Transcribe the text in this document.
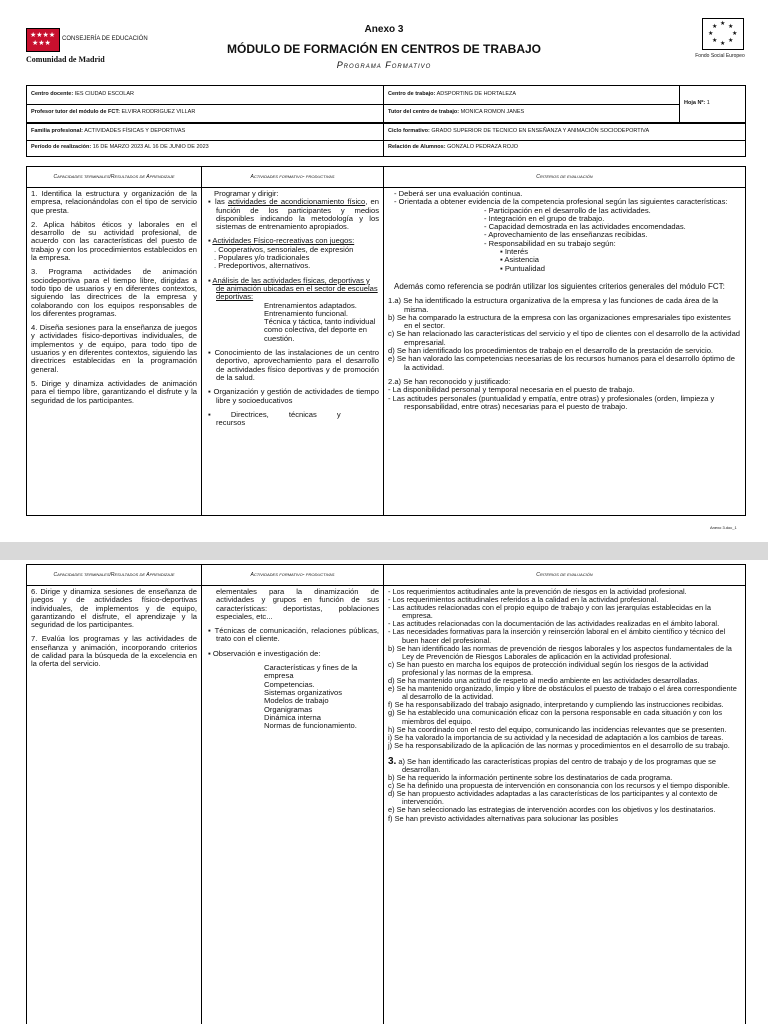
★★★★
★★★
CONSEJERÍA DE EDUCACIÓN
Comunidad de Madrid
Anexo 3
MÓDULO DE FORMACIÓN EN CENTROS DE TRABAJO
Programa Formativo
★ ★
★
★
★
★
★
★
Fondo Social Europeo
Centro docente: IES CIUDAD ESCOLAR
Profesor tutor del módulo de FCT: ELVIRA RODRIGUEZ VILLAR
Centro de trabajo: ADSPORTING DE HORTALEZA
Tutor del centro de trabajo: MONICA ROMON JANES
Hoja Nº: 1
Familia profesional: ACTIVIDADES FÍSICAS Y DEPORTIVAS
Período de realización: 16 DE MARZO 2023 AL 16 DE JUNIO DE 2023
Ciclo formativo: GRADO SUPERIOR DE TECNICO EN ENSEÑANZA Y ANIMACIÓN SOCIODEPORTIVA
Relación de Alumnos: GONZALO PEDRAZA ROJO
Capacidades terminales/Resultados de Aprendizaje

1. Identifica la estructura y organización de la empresa, relacionándolas con el tipo de servicio que presta.

2. Aplica hábitos éticos y laborales en el desarrollo de su actividad profesional, de acuerdo con las características del puesto de trabajo y con los procedimientos establecidos en la empresa.

3. Programa actividades de animación sociodeportiva para el tiempo libre, dirigidas a todo tipo de usuarios y en diferentes contextos, siguiendo las directrices de la empresa y colaborando con los equipos responsables de los diferentes programas.

4. Diseña sesiones para la enseñanza de juegos y actividades físico-deportivas individuales, de implementos y de equipo, para todo tipo de usuarios y en diferentes contextos, siguiendo las directrices establecidas en la programación general.

5. Dirige y dinamiza actividades de animación para el tiempo libre, garantizando el disfrute y la seguridad de los participantes.

Actividades formativo- productivas
Programar y dirigir:
▪ las actividades de acondicionamiento físico, en función de los participantes y medios disponibles indicando la metodología y los sistemas de entrenamiento apropiados.
▪ Actividades Físico-recreativas con juegos:
. Cooperativos, sensoriales, de expresión
. Populares y/o tradicionales
. Predeportivos, alternativos.
▪ Análisis de las actividades físicas, deportivas y de animación ubicadas en el sector de escuelas deportivas:
Entrenamientos adaptados.
Entrenamiento funcional.
Técnica y táctica, tanto individual como colectiva, del deporte en cuestión.
▪ Conocimiento de las instalaciones de un centro deportivo, aprovechamiento para el desarrollo de actividades físico deportivas y de promoción de la salud.
▪ Organización y gestión de actividades de tiempo libre y socioeducativos
▪ Directrices, técnicas y recursos
Criterios de evaluación
- Deberá ser una evaluación continua.
- Orientada a obtener evidencia de la competencia profesional según las siguientes características:
- Participación en el desarrollo de las actividades.
- Integración en el grupo de trabajo.
- Capacidad demostrada en las actividades encomendadas.
- Aprovechamiento de las enseñanzas recibidas.
- Responsabilidad en su trabajo según:
▪ Interés
▪ Asistencia
▪ Puntualidad
Además como referencia se podrán utilizar los siguientes criterios generales del módulo FCT:
1.a) Se ha identificado la estructura organizativa de la empresa y las funciones de cada área de la misma.
b) Se ha comparado la estructura de la empresa con las organizaciones empresariales tipo existentes en el sector.
c) Se han relacionado las características del servicio y el tipo de clientes con el desarrollo de la actividad empresarial.
d) Se han identificado los procedimientos de trabajo en el desarrollo de la prestación de servicio.
e) Se han valorado las competencias necesarias de los recursos humanos para el desarrollo óptimo de la actividad.
2.a) Se han reconocido y justificado:
- La disponibilidad personal y temporal necesaria en el puesto de trabajo.
- Las actitudes personales (puntualidad y empatía, entre otras) y profesionales (orden, limpieza y responsabilidad, entre otras) necesarias para el puesto de trabajo.
Anexo 3.doc_1
Capacidades terminales/Resultados de Aprendizaje

6. Dirige y dinamiza sesiones de enseñanza de juegos y de actividades físico-deportivas individuales, de implementos y de equipo, garantizando el disfrute, el aprendizaje y la seguridad de los participantes.

7. Evalúa los programas y las actividades de enseñanza y animación, incorporando criterios de calidad para la búsqueda de la excelencia en la oferta del servicio.

Actividades formativo- productivas
elementales para la dinamización de actividades y grupos en función de sus características: deportistas, poblaciones especiales, etc...
▪ Técnicas de comunicación, relaciones públicas, trato con el cliente.
▪ Observación e investigación de:
Características y fines de la empresa
Competencias.
Sistemas organizativos
Modelos de trabajo
Organigramas
Dinámica interna
Normas de funcionamiento.
Criterios de evaluación
- Los requerimientos actitudinales ante la prevención de riesgos en la actividad profesional.
- Los requerimientos actitudinales referidos a la calidad en la actividad profesional.
- Las actitudes relacionadas con el propio equipo de trabajo y con las jerarquías establecidas en la empresa.
- Las actitudes relacionadas con la documentación de las actividades realizadas en el ámbito laboral.
- Las necesidades formativas para la inserción y reinserción laboral en el ámbito científico y técnico del buen hacer del profesional.
b) Se han identificado las normas de prevención de riesgos laborales y los aspectos fundamentales de la Ley de Prevención de Riesgos Laborales de aplicación en la actividad profesional.
c) Se han puesto en marcha los equipos de protección individual según los riesgos de la actividad profesional y las normas de la empresa.
d) Se ha mantenido una actitud de respeto al medio ambiente en las actividades desarrolladas.
e) Se ha mantenido organizado, limpio y libre de obstáculos el puesto de trabajo o el área correspondiente al desarrollo de la actividad.
f) Se ha responsabilizado del trabajo asignado, interpretando y cumpliendo las instrucciones recibidas.
g) Se ha establecido una comunicación eficaz con la persona responsable en cada situación y con los miembros del equipo.
h) Se ha coordinado con el resto del equipo, comunicando las incidencias relevantes que se presenten.
i) Se ha valorado la importancia de su actividad y la necesidad de adaptación a los cambios de tareas.
j) Se ha responsabilizado de la aplicación de las normas y procedimientos en el desarrollo de su trabajo.
3. a) Se han identificado las características propias del centro de trabajo y de los programas que se desarrollan.
b) Se ha requerido la información pertinente sobre los destinatarios de cada programa.
c) Se ha definido una propuesta de intervención en consonancia con los recursos y el tiempo disponible.
d) Se han propuesto actividades adaptadas a las características de los participantes y al contexto de intervención.
e) Se han seleccionado las estrategias de intervención acordes con los objetivos y los destinatarios.
f) Se han previsto actividades alternativas para solucionar las posibles
